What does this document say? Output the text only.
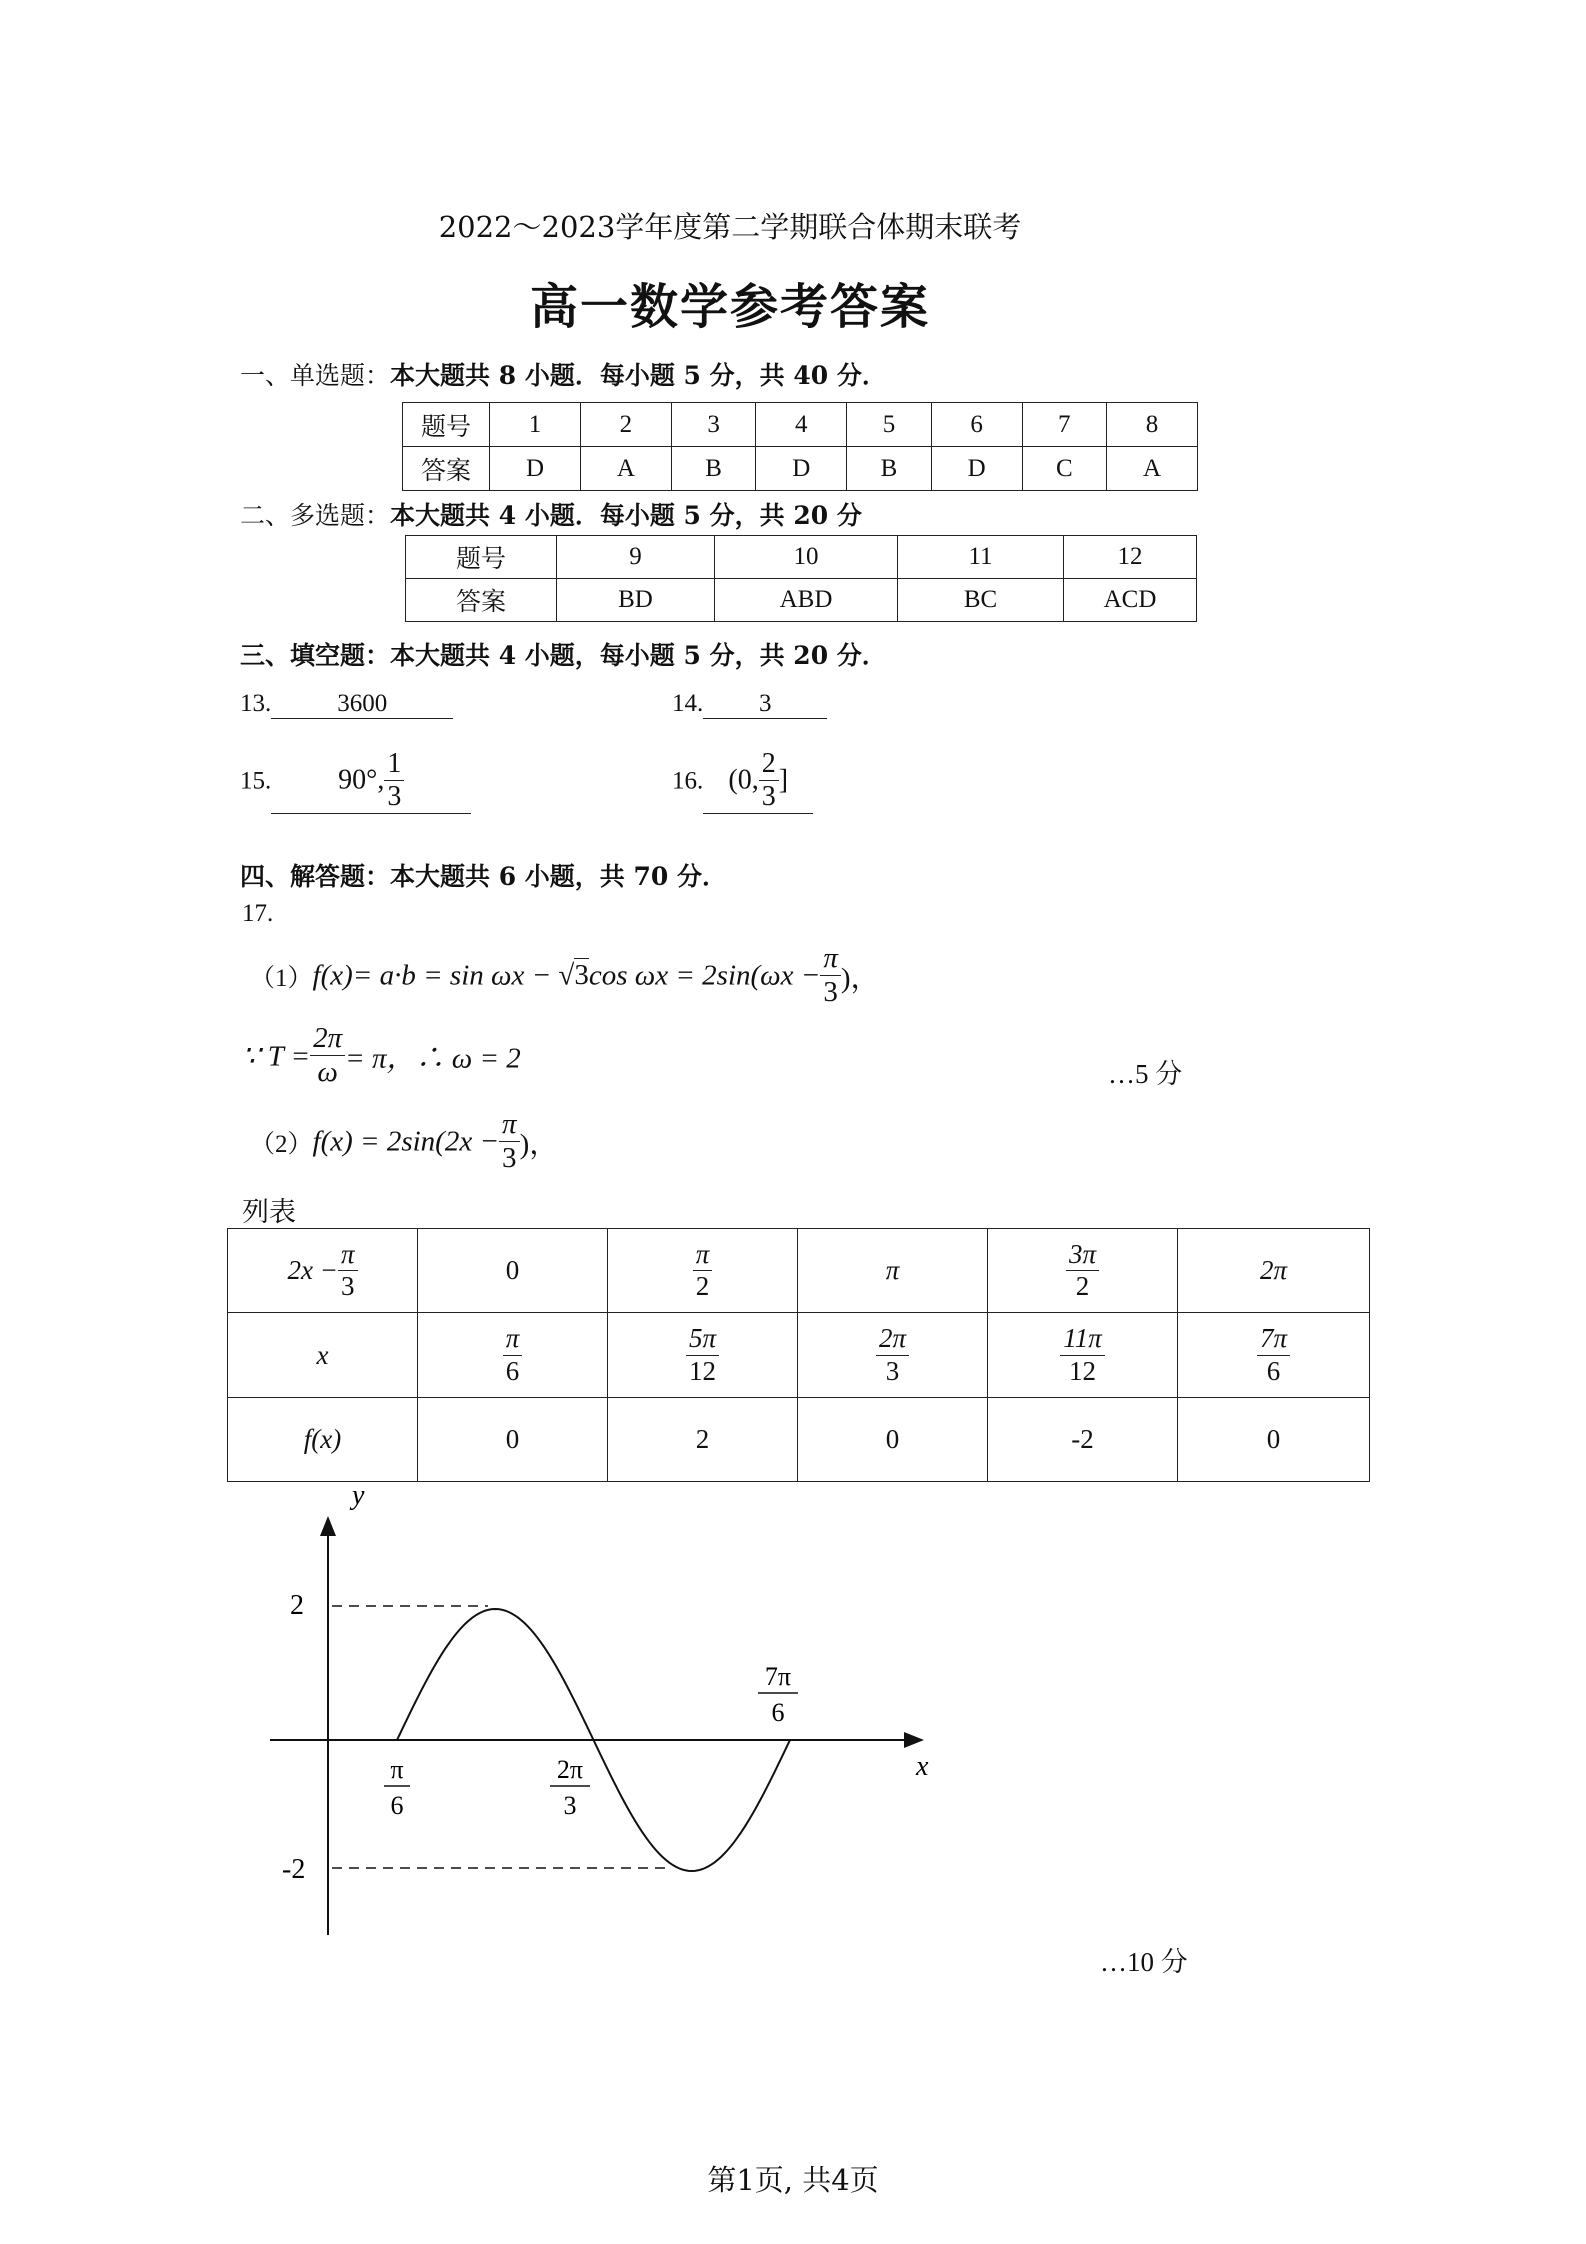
2022～2023学年度第二学期联合体期末联考
高一数学参考答案
一、单选题：本大题共 8 小题．每小题 5 分，共 40 分．
题号	1	2	3	4	5	6	7	8
答案	D	A	B	D	B	D	C	A
二、多选题：本大题共 4 小题．每小题 5 分，共 20 分
题号	9	10	11	12
答案	BD	ABD	BC	ACD
三、填空题：本大题共 4 小题，每小题 5 分，共 20 分．
13.	3600	14. 3
15. 90°, $\frac{1}{3}$	16. (0, $\frac{2}{3}$ ]
四、解答题：本大题共 6 小题，共 70 分．
17.
（1）f(x)= a·b = sin ωx − √3cos $\omega x = 2\sin(\omega x - \frac{\pi}{3}$ )，
∵ $T = \frac{2\pi}{\omega} = \pi$，∴ ω = 2	…5 分
$(2)f(x) = 2\sin(2x - \frac{\pi}{3}$ )，
列表
$2x - \frac{\pi}{3}$	0	$\frac{\pi}{2}$	π	$\frac{3\pi}{2}$	2π
x	$\frac{\pi}{6}$	$\frac{5\pi}{12}$	$\frac{2\pi}{3}$	$\frac{11\pi}{12}$	$\frac{7\pi}{6}$

f(x)	0	2	0	-2	0
y
x
2
-2
π
6
2π
3
7π
6
…10 分
第1页, 共4页
